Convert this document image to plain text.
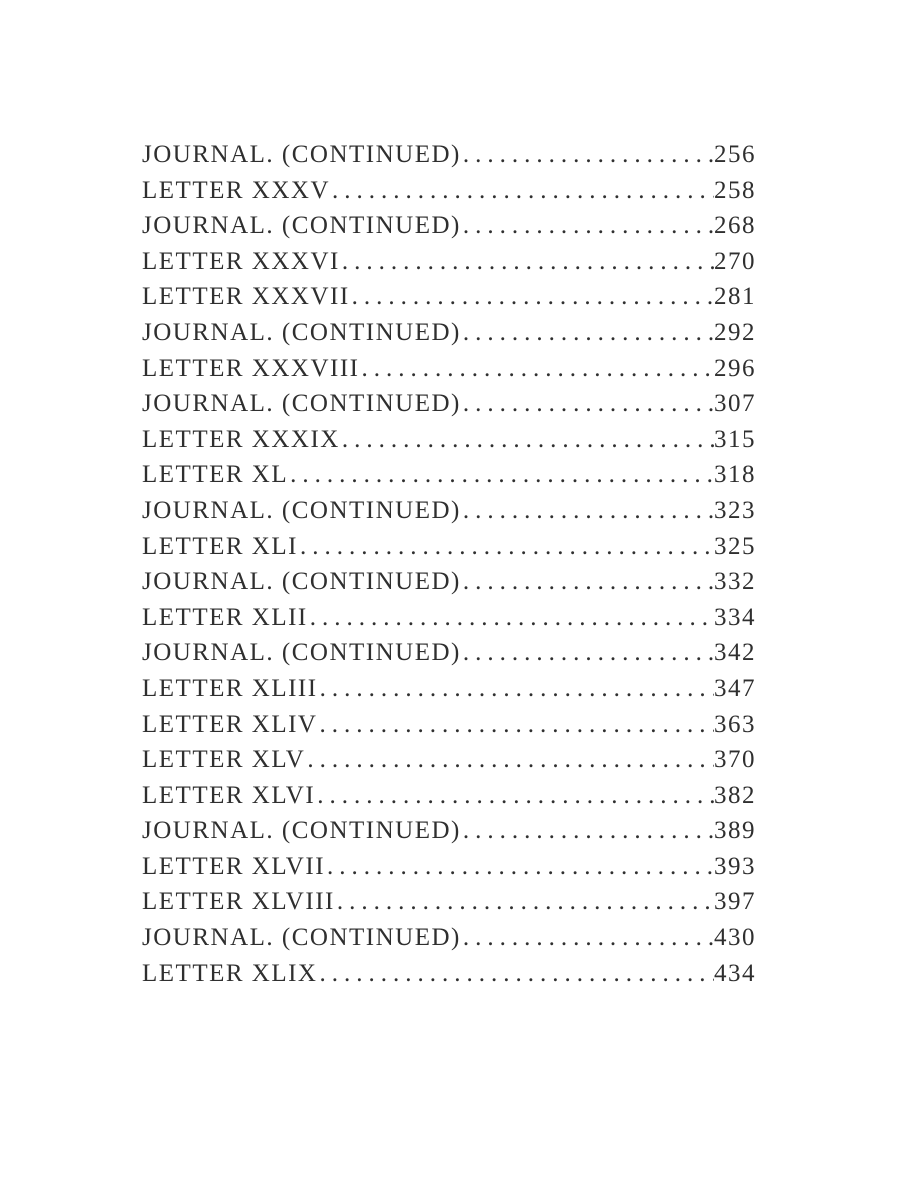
JOURNAL. (CONTINUED) .....	256
LETTER XXXV .....	258
JOURNAL. (CONTINUED) .....	268
LETTER XXXVI .....	270
LETTER XXXVII .....	281
JOURNAL. (CONTINUED) .....	292
LETTER XXXVIII .....	296
JOURNAL. (CONTINUED) .....	307
LETTER XXXIX .....	315
LETTER XL .....	318
JOURNAL. (CONTINUED) .....	323
LETTER XLI .....	325
JOURNAL. (CONTINUED) .....	332
LETTER XLII .....	334
JOURNAL. (CONTINUED) .....	342
LETTER XLIII .....	347
LETTER XLIV .....	363
LETTER XLV .....	370
LETTER XLVI .....	382
JOURNAL. (CONTINUED) .....	389
LETTER XLVII .....	393
LETTER XLVIII .....	397
JOURNAL. (CONTINUED) .....	430
LETTER XLIX .....	434
